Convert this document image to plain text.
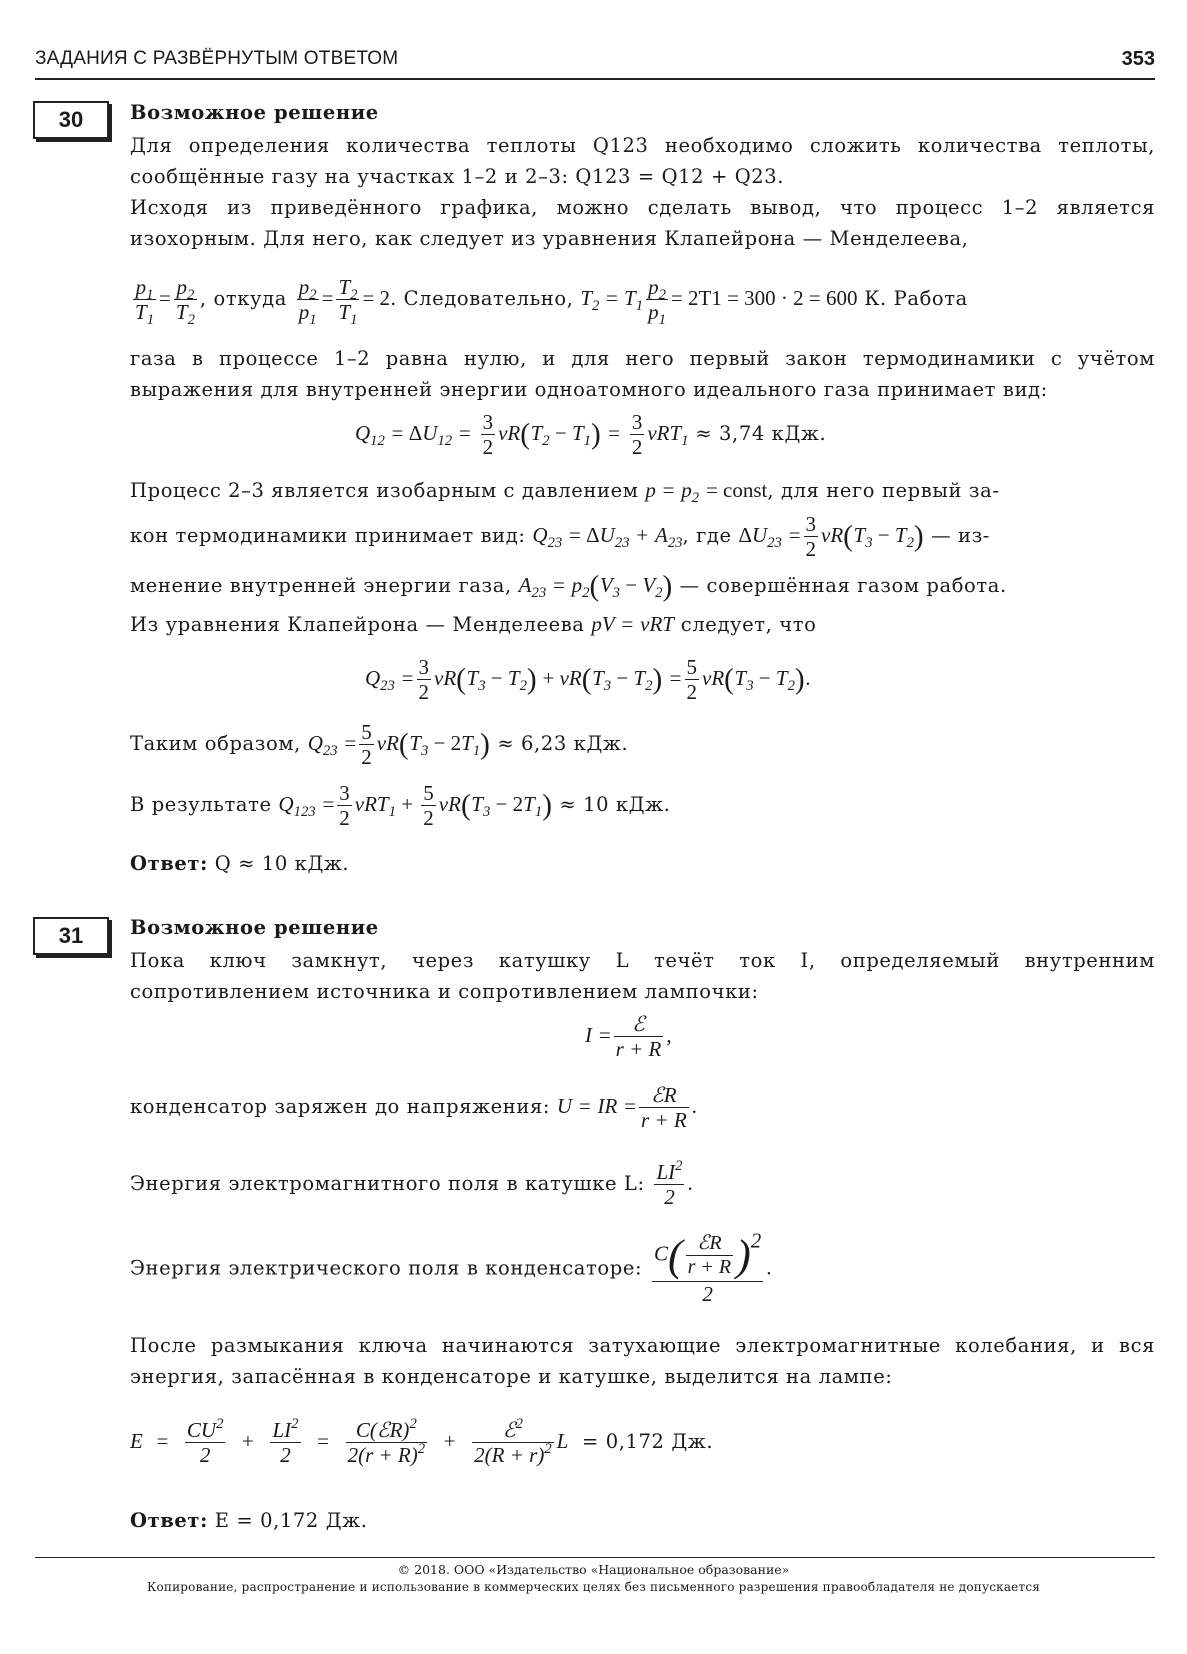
ЗАДАНИЯ С РАЗВЁРНУТЫМ ОТВЕТОМ	353
30	Возможное решение

Для определения количества теплоты Q123 необходимо сложить количества теплоты, сообщённые газу на участках 1–2 и 2–3: Q123 = Q12 + Q23.

Исходя из приведённого графика, можно сделать вывод, что процесс 1–2 является изохорным. Для него, как следует из уравнения Клапейрона — Менделеева,

$\frac{p_1}{T_1} = \frac{p_2}{T_2}$ , откуда $\frac{p_2}{p_1} = \frac{T_2}{T_1} = 2$. Следовательно, $T_2 = T_1 \frac{p_2}{p_1} = 2T1 = 300 \cdot 2 = 600$ К. Работа

газа в процессе 1–2 равна нулю, и для него первый закон термодинамики с учётом выражения для внутренней энергии одноатомного идеального газа принимает вид:

$Q_{12} = \Delta U_{12} = \frac{3}{2} \nu R(T_2 - T_1) = \frac{3}{2} \nu RT_1 \approx 3,74$ кДж.
Процесс 2–3 является изобарным с давлением $p = p_2$ = const, для него первый за-
кон термодинамики принимает вид: $Q_{23} = \Delta U_{23} + A_{23}$, где $\Delta U_{23} = \frac{3}{2} \nu R(T_3 - T_2)$ — из-
менение внутренней энергии газа, $A_{23} = p_2(V_3 - V_2)$ — совершённая газом работа.
Из уравнения Клапейрона — Менделеева pV = νRT следует, что
$Q_{23} = \frac{3}{2} \nu R(T_3 - T_2) + \nu R(T_3 - T_2) = \frac{5}{2} \nu R(T_3 - T_2)$.
Таким образом, $Q_{23} = \frac{5}{2} \nu R(T_3 - 2T_1) \approx 6,23$ кДж.
В результате $Q_{123} = \frac{3}{2} \nu RT_1 + \frac{5}{2} \nu R(T_3 - 2T_1) \approx 10$ кДж.
Ответ: Q ≈ 10 кДж.
31	Возможное решение

Пока ключ замкнут, через катушку L течёт ток I, определяемый внутренним сопротивлением источника и сопротивлением лампочки:

I =	ℰ
r + R
,
конденсатор заряжен до напряжения: U = IR = ℰR
r + R
.
Энергия электромагнитного поля в катушке L: $\frac{LI^2}{2}$ .
Энергия электрического поля в конденсаторе:
C( ℰR
r + R )$^2$
2
.

После размыкания ключа начинаются затухающие электромагнитные колебания, и вся энергия, запасённая в конденсаторе и катушке, выделится на лампе:

$E = \frac{CU^2}{2} + \frac{LI^2}{2}$ =	C(ℰR)$^2$
$2(r + R)^2$ +	ℰ$^2$
$2(R + r)^2$ L = 0,172 Дж.
Ответ: E = 0,172 Дж.
© 2018. ООО «Издательство «Национальное образование»
Копирование, распространение и использование в коммерческих целях без письменного разрешения правообладателя не допускается
